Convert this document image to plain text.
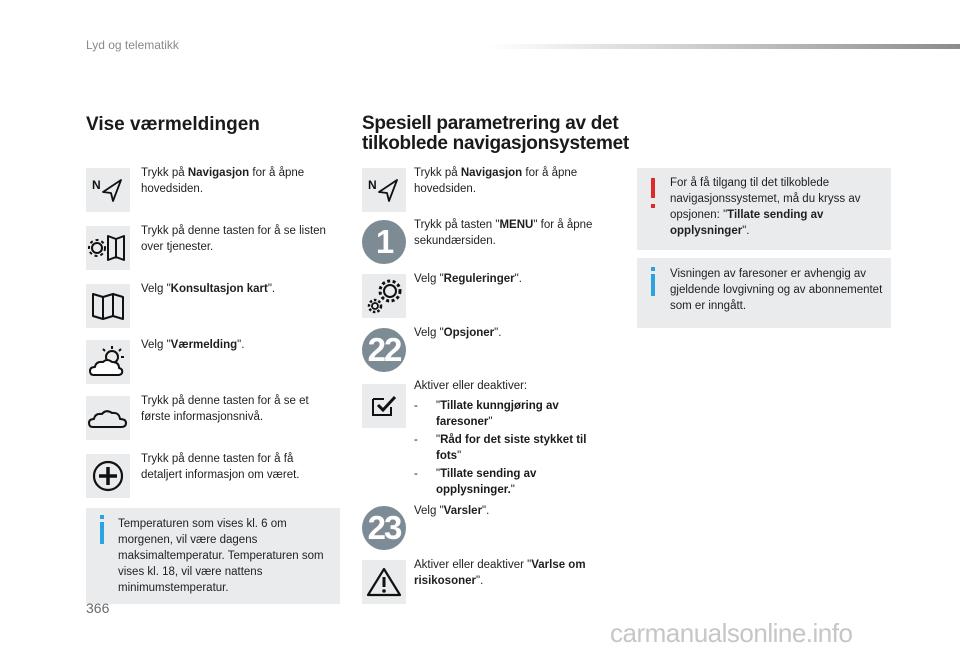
Lyd og telematikk
Vise værmeldingen	Spesiell parametrering av det tilkoblede navigasjonsystemet
N
Trykk på Navigasjon for å åpne hovedsiden.
Trykk på denne tasten for å se listen over tjenester.
Velg "Konsultasjon kart".
Velg "Værmelding".
Trykk på denne tasten for å se et første informasjonsnivå.
Trykk på denne tasten for å få detaljert informasjon om været.
Temperaturen som vises kl. 6 om morgenen, vil være dagens maksimaltemperatur. Temperaturen som vises kl. 18, vil være nattens minimumstemperatur.
N
Trykk på Navigasjon for å åpne hovedsiden.
1	Trykk på tasten "MENU" for å åpne sekundærsiden.
Velg "Reguleringer".
22	Velg "Opsjoner".
Aktiver eller deaktiver:
- "Tillate kunngjøring av faresoner"
- "Råd for det siste stykket til fots"
- "Tillate sending av opplysninger."
23	Velg "Varsler".
Aktiver eller deaktiver "Varlse om risikosoner".
For å få tilgang til det tilkoblede navigasjonssystemet, må du kryss av opsjonen: "Tillate sending av opplysninger".
Visningen av faresoner er avhengig av gjeldende lovgivning og av abonnementet som er inngått.
366
carmanualsonline.info
